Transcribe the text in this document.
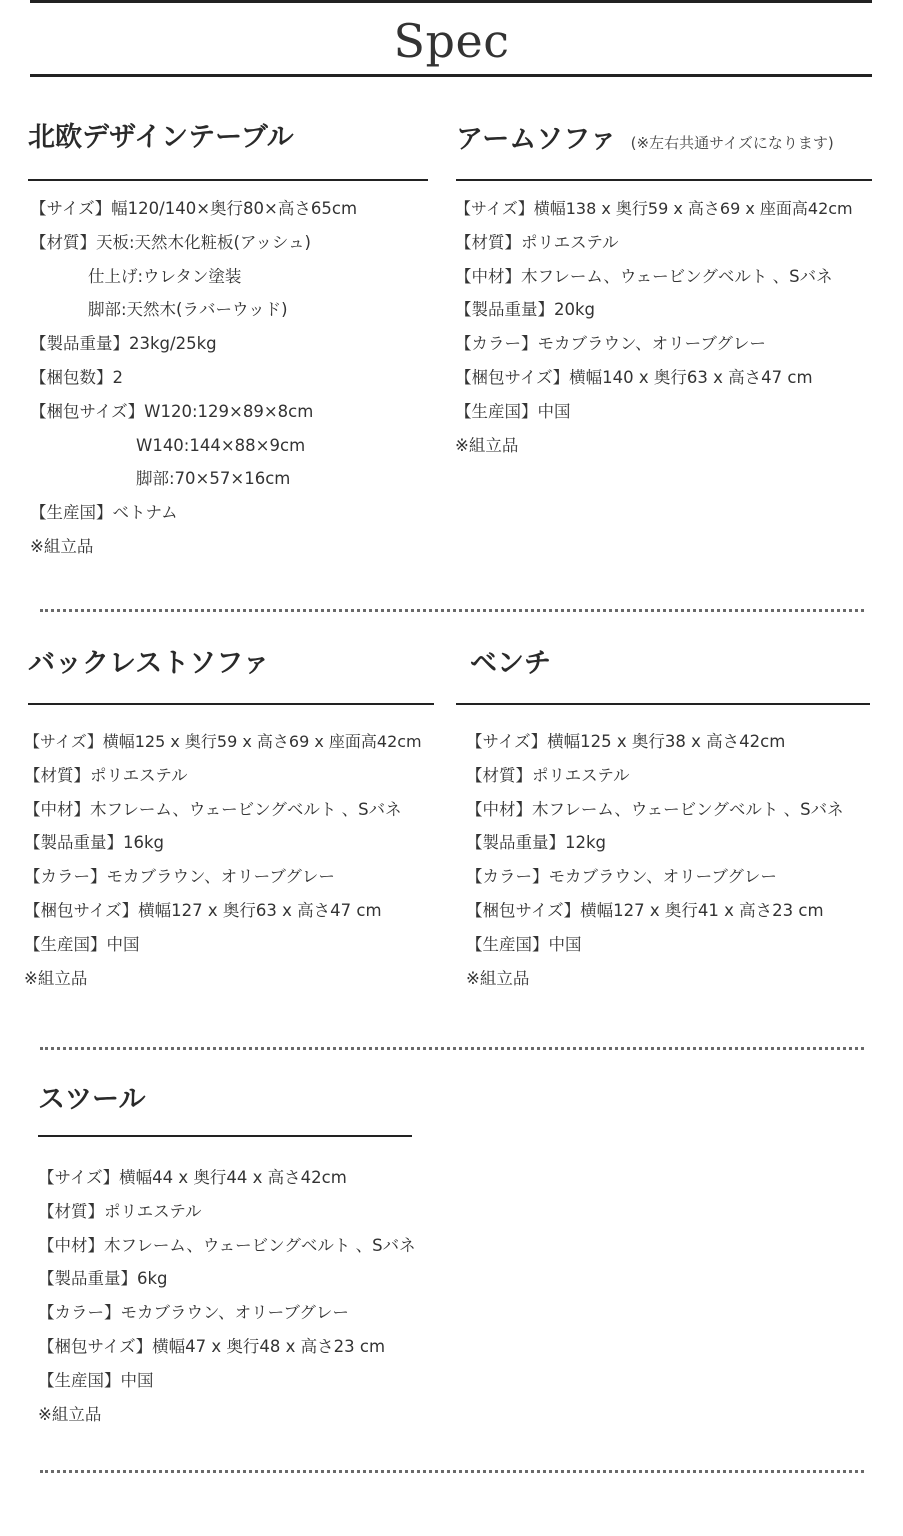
Spec
北欧デザインテーブル
【サイズ】幅120/140×奥行80×高さ65cm
【材質】天板:天然木化粧板(アッシュ)
仕上げ:ウレタン塗装
脚部:天然木(ラバーウッド)
【製品重量】23kg/25kg
【梱包数】2
【梱包サイズ】W120:129×89×8cm
W140:144×88×9cm
脚部:70×57×16cm
【生産国】ベトナム
※組立品
アームソファ (※左右共通サイズになります)
【サイズ】横幅138 x 奥行59 x 高さ69 x 座面高42cm
【材質】ポリエステル
【中材】木フレーム、ウェービングベルト 、Sバネ
【製品重量】20kg
【カラー】モカブラウン、オリーブグレー
【梱包サイズ】横幅140 x 奥行63 x 高さ47 cm
【生産国】中国
※組立品
バックレストソファ
【サイズ】横幅125 x 奥行59 x 高さ69 x 座面高42cm
【材質】ポリエステル
【中材】木フレーム、ウェービングベルト 、Sバネ
【製品重量】16kg
【カラー】モカブラウン、オリーブグレー
【梱包サイズ】横幅127 x 奥行63 x 高さ47 cm
【生産国】中国
※組立品
ベンチ
【サイズ】横幅125 x 奥行38 x 高さ42cm
【材質】ポリエステル
【中材】木フレーム、ウェービングベルト 、Sバネ
【製品重量】12kg
【カラー】モカブラウン、オリーブグレー
【梱包サイズ】横幅127 x 奥行41 x 高さ23 cm
【生産国】中国
※組立品
スツール
【サイズ】横幅44 x 奥行44 x 高さ42cm
【材質】ポリエステル
【中材】木フレーム、ウェービングベルト 、Sバネ
【製品重量】6kg
【カラー】モカブラウン、オリーブグレー
【梱包サイズ】横幅47 x 奥行48 x 高さ23 cm
【生産国】中国
※組立品
